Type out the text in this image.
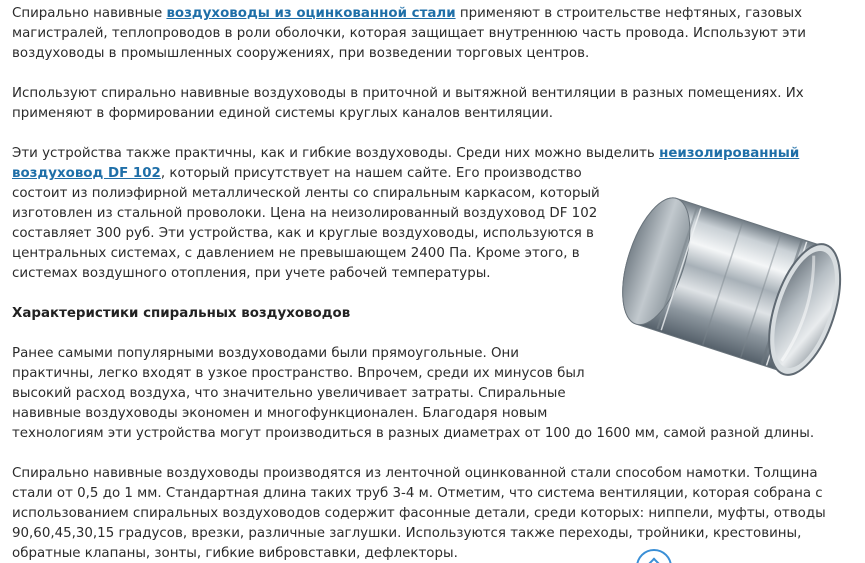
Спирально навивные воздуховоды из оцинкованной стали применяют в строительстве нефтяных, газовых магистралей, теплопроводов в роли оболочки, которая защищает внутреннюю часть провода. Используют эти воздуховоды в промышленных сооружениях, при возведении торговых центров.

Используют спирально навивные воздуховоды в приточной и вытяжной вентиляции в разных помещениях. Их применяют в формировании единой системы круглых каналов вентиляции.

Эти устройства также практичны, как и гибкие воздуховоды. Среди них можно выделить неизолированный воздуховод DF 102
, который присутствует на нашем сайте. Его производство состоит из полиэфирной металлической ленты со спиральным каркасом, который изготовлен из стальной проволоки. Цена на неизолированный воздуховод DF 102 составляет 300 руб. Эти устройства, как и круглые воздуховоды, используются в центральных системах, с давлением не превышающем 2400 Па. Кроме этого, в системах воздушного отопления, при учете рабочей температуры.

Характеристики спиральных воздуховодов

Ранее самыми популярными воздуховодами были прямоугольные. Они практичны, легко входят в узкое пространство. Впрочем, среди их минусов был высокий расход воздуха, что значительно увеличивает затраты. Спиральные навивные воздуховоды экономен и многофункционален. Благодаря новым технологиям эти устройства могут производиться в разных диаметрах от 100 до 1600 мм, самой разной длины.

Спирально навивные воздуховоды производятся из ленточной оцинкованной стали способом намотки. Толщина стали от 0,5 до 1 мм. Стандартная длина таких труб 3-4 м. Отметим, что система вентиляции, которая собрана с использованием спиральных воздуховодов содержит фасонные детали, среди которых: ниппели, муфты, отводы 90,60,45,30,15 градусов, врезки, различные заглушки. Используются также переходы, тройники, крестовины, обратные клапаны, зонты, гибкие вибровставки, дефлекторы.
